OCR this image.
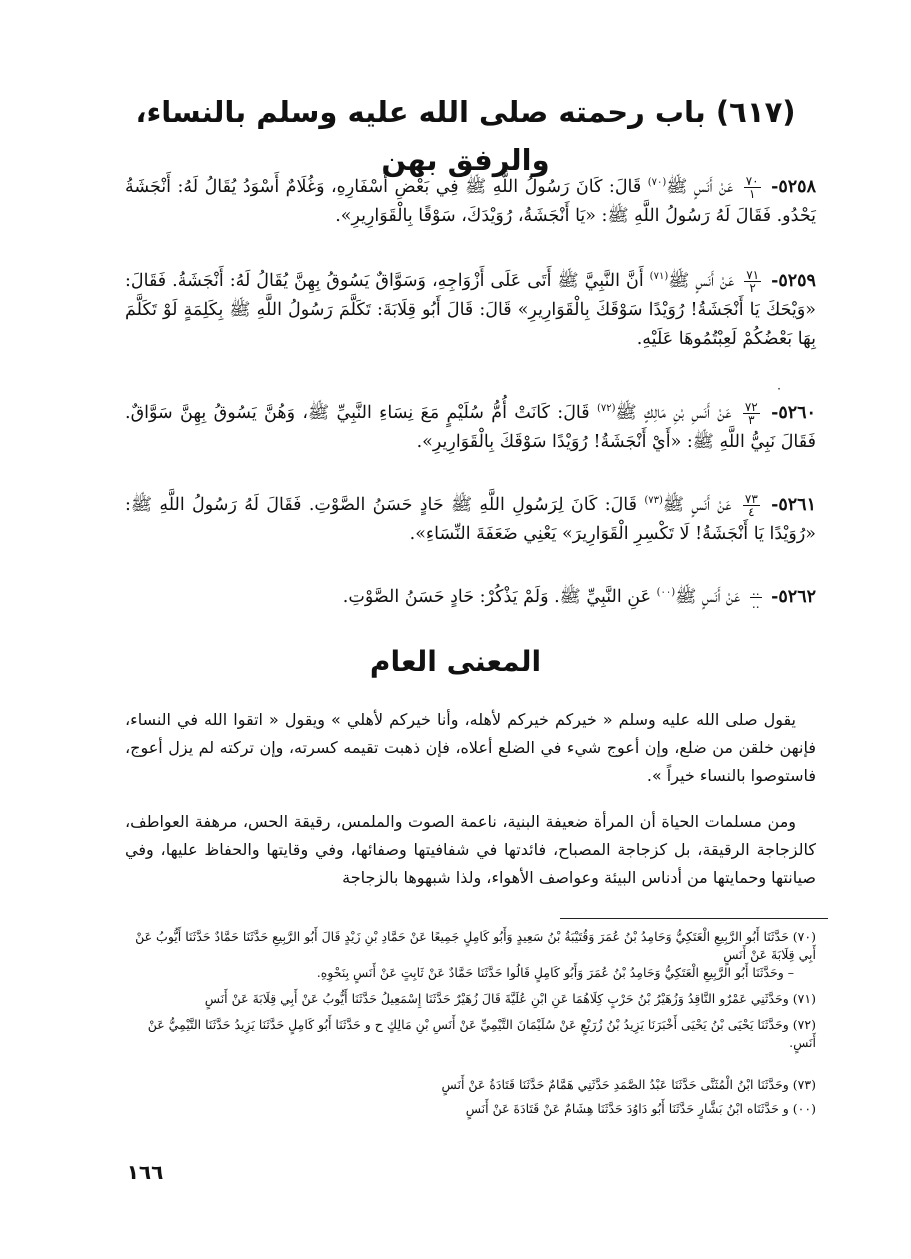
(٦١٧) باب رحمته صلى الله عليه وسلم بالنساء، والرفق بهن
٥٢٥٨-
$\frac{٧٠}{١}$
عَنْ أَنَسٍ ﷺ$^{(٧٠)}$ قَالَ: كَانَ رَسُولُ اللَّهِ ﷺ فِي بَعْضِ أَسْفَارِهِ، وَغُلَامٌ أَسْوَدُ يُقَالُ لَهُ: أَنْجَشَةُ يَحْدُو. فَقَالَ لَهُ رَسُولُ اللَّهِ ﷺ: «يَا أَنْجَشَةُ، رُوَيْدَكَ، سَوْقًا بِالْقَوَارِيرِ».
٥٢٥٩-
$\frac{٧١}{٢}$
عَنْ أَنَسٍ ﷺ$^{(٧١)}$ أَنَّ النَّبِيَّ ﷺ أَتَى عَلَى أَزْوَاجِهِ، وَسَوَّاقٌ يَسُوقُ بِهِنَّ يُقَالُ لَهُ: أَنْجَشَةُ. فَقَالَ: «وَيْحَكَ يَا أَنْجَشَةُ! رُوَيْدًا سَوْقَكَ بِالْقَوَارِيرِ» قَالَ: قَالَ أَبُو قِلَابَةَ: تَكَلَّمَ رَسُولُ اللَّهِ ﷺ بِكَلِمَةٍ لَوْ تَكَلَّمَ بِهَا بَعْضُكُمْ لَعِبْتُمُوهَا عَلَيْهِ.
·
٥٢٦٠-
$\frac{٧٢}{٣}$
عَنْ أَنَسِ بْنِ مَالِكٍ ﷺ$^{(٧٢)}$ قَالَ: كَانَتْ أُمُّ سُلَيْمٍ مَعَ نِسَاءِ النَّبِيِّ ﷺ، وَهُنَّ يَسُوقُ بِهِنَّ سَوَّاقٌ. فَقَالَ نَبِيُّ اللَّهِ ﷺ: «أَيْ أَنْجَشَةُ! رُوَيْدًا سَوْقَكَ بِالْقَوَارِيرِ».
٥٢٦١-
$\frac{٧٣}{٤}$
عَنْ أَنَسٍ ﷺ$^{(٧٣)}$ قَالَ: كَانَ لِرَسُولِ اللَّهِ ﷺ حَادٍ حَسَنُ الصَّوْتِ. فَقَالَ لَهُ رَسُولُ اللَّهِ ﷺ: «رُوَيْدًا يَا أَنْجَشَةُ! لَا تَكْسِرِ الْقَوَارِيرَ» يَعْنِي ضَعَفَةَ النِّسَاءِ».
٥٢٦٢-
$\frac{..}{..}$
عَنْ أَنَسٍ ﷺ$^{(٠٠)}$ عَنِ النَّبِيِّ ﷺ. وَلَمْ يَذْكُرْ: حَادٍ حَسَنُ الصَّوْتِ.
المعنى العام
يقول صلى الله عليه وسلم « خيركم خيركم لأهله، وأنا خيركم لأهلي » ويقول « اتقوا الله في النساء، فإنهن خلقن من ضلع، وإن أعوج شيء في الضلع أعلاه، فإن ذهبت تقيمه كسرته، وإن تركته لم يزل أعوج، فاستوصوا بالنساء خيراً ».
ومن مسلمات الحياة أن المرأة ضعيفة البنية، ناعمة الصوت والملمس، رقيقة الحس، مرهفة العواطف، كالزجاجة الرقيقة، بل كزجاجة المصباح، فائدتها في شفافيتها وصفائها، وفي وقايتها والحفاظ عليها، وفي صيانتها وحمايتها من أدناس البيئة وعواصف الأهواء، ولذا شبهوها بالزجاجة
(٧٠) حَدَّثَنَا أَبُو الرَّبِيعِ الْعَتَكِيُّ وَحَامِدُ بْنُ عُمَرَ وَقُتَيْبَةُ بْنُ سَعِيدٍ وَأَبُو كَامِلٍ جَمِيعًا عَنْ حَمَّادِ بْنِ زَيْدٍ قَالَ أَبُو الرَّبِيعِ حَدَّثَنَا حَمَّادٌ حَدَّثَنَا أَيُّوبُ عَنْ أَبِي قِلَابَةَ عَنْ أَنَسٍ
– وحَدَّثَنَا أَبُو الرَّبِيعِ الْعَتَكِيُّ وَحَامِدُ بْنُ عُمَرَ وَأَبُو كَامِلٍ قَالُوا حَدَّثَنَا حَمَّادٌ عَنْ ثَابِتٍ عَنْ أَنَسٍ بِنَحْوِهِ.
(٧١) وحَدَّثَنِي عَمْرٌو النَّاقِدُ وَزُهَيْرُ بْنُ حَرْبٍ كِلَاهُمَا عَنِ ابْنِ عُلَيَّةَ قَالَ زُهَيْرٌ حَدَّثَنَا إِسْمَعِيلُ حَدَّثَنَا أَيُّوبُ عَنْ أَبِي قِلَابَةَ عَنْ أَنَسٍ
(٧٢) وحَدَّثَنَا يَحْيَى بْنُ يَحْيَى أَخْبَرَنَا يَزِيدُ بْنُ زُرَيْعٍ عَنْ سُلَيْمَانَ التَّيْمِيِّ عَنْ أَنَسِ بْنِ مَالِكٍ ح و حَدَّثَنَا أَبُو كَامِلٍ حَدَّثَنَا يَزِيدُ حَدَّثَنَا التَّيْمِيُّ عَنْ أَنَسٍ.
(٧٣) وحَدَّثَنَا ابْنُ الْمُثَنَّى حَدَّثَنَا عَبْدُ الصَّمَدِ حَدَّثَنِي هَمَّامٌ حَدَّثَنَا قَتَادَةُ عَنْ أَنَسٍ
(٠٠) و حَدَّثَنَاه ابْنُ بَشَّارٍ حَدَّثَنَا أَبُو دَاوُدَ حَدَّثَنَا هِشَامٌ عَنْ قَتَادَةَ عَنْ أَنَسٍ
١٦٦
